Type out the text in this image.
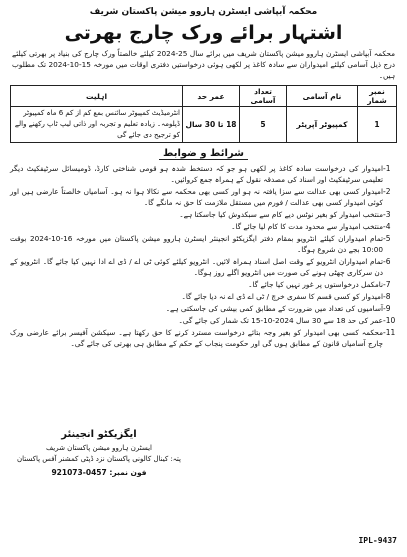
محکمہ آبپاشی ایسٹرن ہاروو میشن پاکستان شریف
اشتہار برائے ورک چارج بھرتی
محکمہ آبپاشی ایسٹرن ہاروو میشن پاکستان شریف میں برائے سال 25-2024 کیلئے خالصتاً ورک چارج کی بنیاد پر بھرتی کیلئے درج ذیل آسامی کیلئے امیدواران سے سادہ کاغذ پر لکھی ہوئی درخواستیں دفتری اوقات میں مورخہ 15-10-2024 تک مطلوب ہیں۔
نمبر شمار	نام آسامی	تعداد آسامی	عمر حد	اہلیت
1	کمپیوٹر آپریٹر	5	18 تا 30 سال	انٹرمیڈیٹ کمپیوٹر سائنس بمع کم از کم 6 ماہ کمپیوٹر ڈپلومہ۔ زیادہ تعلیم و تجربہ اور ذاتی لیپ ٹاپ رکھنے والے کو ترجیح دی جائے گی
شرائط و ضوابط
-1
امیدوار کی درخواست سادہ کاغذ پر لکھی ہو جو کہ دستخط شدہ ہو قومی شناختی کارڈ، ڈومیسائل سرٹیفکیٹ دیگر تعلیمی سرٹیفکیٹ اور اسناد کی مصدقہ نقول کے ہمراہ جمع کروائیں۔
-2
امیدوار کسی بھی عدالت سے سزا یافتہ نہ ہو اور کسی بھی محکمہ سے نکالا ہوا نہ ہو۔ آسامیاں خالصتاً عارضی ہیں اور کوئی امیدوار کسی بھی عدالت / فورم میں مستقل ملازمت کا حق نہ مانگے گا۔
-3
منتخب امیدوار کو بغیر نوٹس دیے کام سے سبکدوش کیا جاسکتا ہے۔
-4
منتخب امیدوار سے محدود مدت کا کام لیا جائے گا۔
-5
تمام امیدواران کیلئے انٹرویو بمقام دفتر ایگزیکٹو انجینئر ایسٹرن ہاروو میشن پاکستان میں مورخہ 16-10-2024 بوقت 10:00 بجے دن شروع ہوگا۔
-6
تمام امیدواران انٹرویو کے وقت اصل اسناد ہمراہ لائیں۔ انٹرویو کیلئے کوئی ٹی اے / ڈی اے ادا نہیں کیا جائے گا۔ انٹرویو کے دن سرکاری چھٹی ہونے کی صورت میں انٹرویو اگلے روز ہوگا۔
-7
نامکمل درخواستوں پر غور نہیں کیا جائے گا۔
-8
امیدوار کو کسی قسم کا سفری خرچ / ٹی اے ڈی اے نہ دیا جائے گا۔
-9
آسامیوں کی تعداد میں ضرورت کے مطابق کمی بیشی کی جاسکتی ہے۔
-10
عمر کی حد 18 سے 30 سال 2024-10-15 تک شمار کی جائے گی۔
-11
محکمہ کسی بھی امیدوار کو بغیر وجہ بتائے درخواست مسترد کرنے کا حق رکھتا ہے۔ سیکشن آفیسر برائے عارضی ورک چارج آسامیاں قانون کے مطابق ہوں گی اور حکومت پنجاب کے حکم کے مطابق ہی بھرتی کی جائے گی۔
ایگزیکٹو انجینئر
ایسٹرن ہاروو میشن پاکستان شریف
پتہ: کینال کالونی پاکستان نزد ڈپٹی کمشنر آفس پاکستان
فون نمبر: 0457-921073
IPL-9437
